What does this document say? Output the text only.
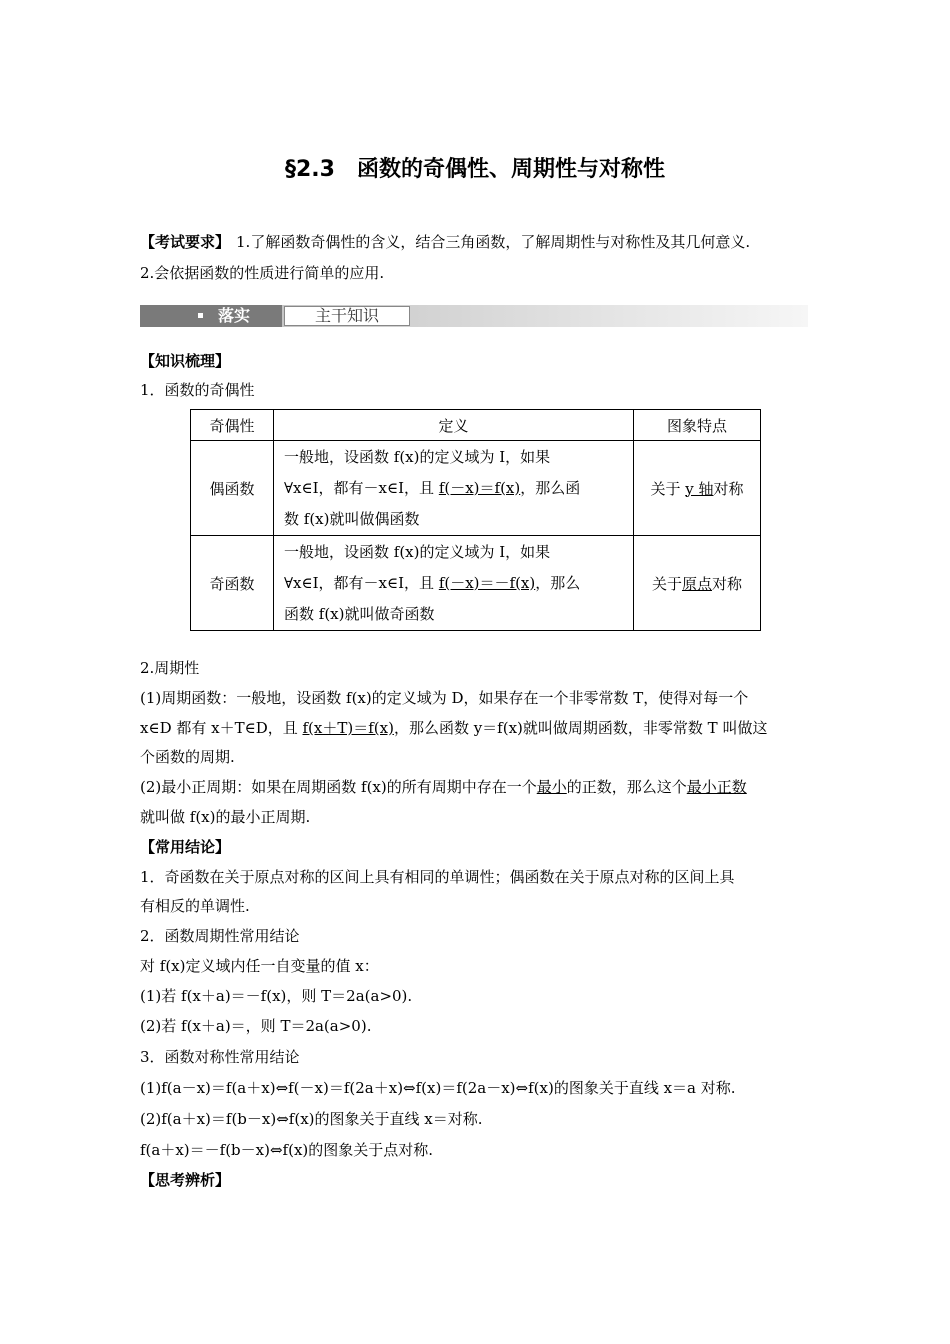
§2.3　函数的奇偶性、周期性与对称性
【考试要求】 1.了解函数奇偶性的含义，结合三角函数，了解周期性与对称性及其几何意义.
2.会依据函数的性质进行简单的应用.
落实	主干知识
【知识梳理】
1．函数的奇偶性
奇偶性	定义	图象特点
偶函数	一般地，设函数 f(x)的定义域为 I，如果
∀x∈I，都有－x∈I，且 f(－x)＝f(x)，那么函
数 f(x)就叫做偶函数	关于 y 轴对称
奇函数	一般地，设函数 f(x)的定义域为 I，如果
∀x∈I，都有－x∈I，且 f(－x)＝－f(x)，那么
函数 f(x)就叫做奇函数	关于原点对称
2.周期性
(1)周期函数：一般地，设函数 f(x)的定义域为 D，如果存在一个非零常数 T，使得对每一个
x∈D 都有 x＋T∈D，且 f(x＋T)＝f(x)，那么函数 y＝f(x)就叫做周期函数，非零常数 T 叫做这
个函数的周期.
(2)最小正周期：如果在周期函数 f(x)的所有周期中存在一个最小的正数，那么这个最小正数
就叫做 f(x)的最小正周期.
【常用结论】
1．奇函数在关于原点对称的区间上具有相同的单调性；偶函数在关于原点对称的区间上具
有相反的单调性.
2．函数周期性常用结论
对 f(x)定义域内任一自变量的值 x：
(1)若 f(x＋a)＝－f(x)，则 T＝2a(a>0).
(2)若 f(x＋a)＝，则 T＝2a(a>0).
3．函数对称性常用结论
(1)f(a－x)＝f(a＋x)⇔f(－x)＝f(2a＋x)⇔f(x)＝f(2a－x)⇔f(x)的图象关于直线 x＝a 对称.
(2)f(a＋x)＝f(b－x)⇔f(x)的图象关于直线 x＝对称.
f(a＋x)＝－f(b－x)⇔f(x)的图象关于点对称.
【思考辨析】
